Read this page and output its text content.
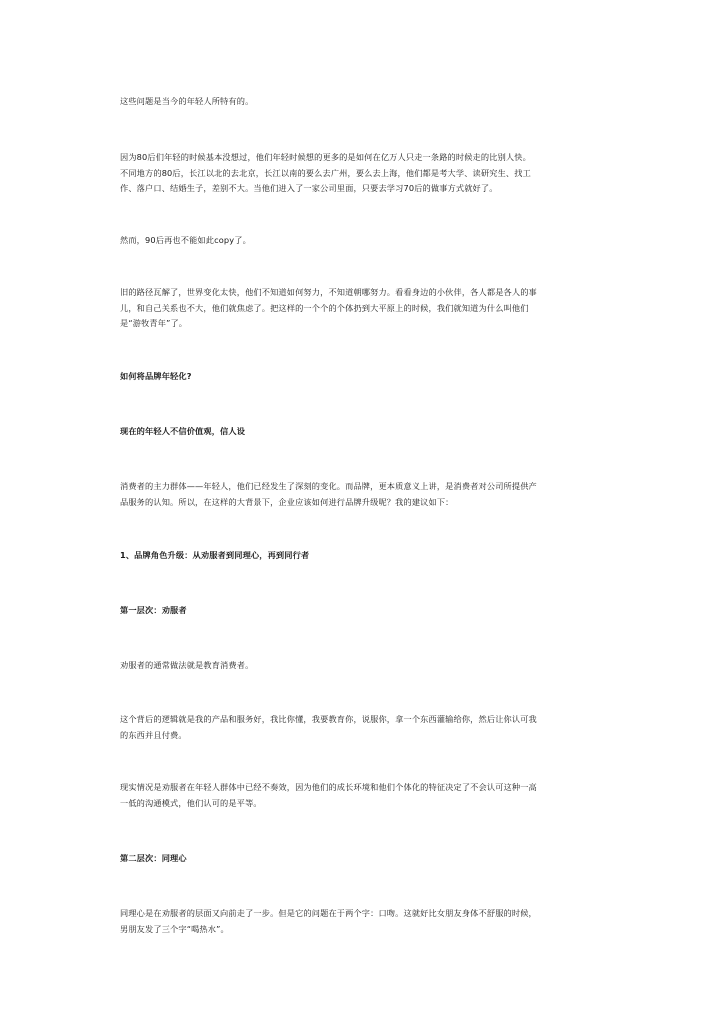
这些问题是当今的年轻人所特有的。

因为80后们年轻的时候基本没想过，他们年轻时候想的更多的是如何在亿万人只走一条路的时候走的比别人快。
不同地方的80后，长江以北的去北京，长江以南的要么去广州，要么去上海，他们都是考大学、读研究生、找工
作、落户口、结婚生子，差别不大。当他们进入了一家公司里面，只要去学习70后的做事方式就好了。

然而，90后再也不能如此copy了。

旧的路径瓦解了，世界变化太快，他们不知道如何努力，不知道朝哪努力。看看身边的小伙伴，各人都是各人的事
儿，和自己关系也不大，他们就焦虑了。把这样的一个个的个体扔到大平原上的时候，我们就知道为什么叫他们
是“游牧青年”了。

如何将品牌年轻化?

现在的年轻人不信价值观，信人设

消费者的主力群体——年轻人，他们已经发生了深刻的变化。而品牌，更本质意义上讲，是消费者对公司所提供产
品服务的认知。所以，在这样的大背景下，企业应该如何进行品牌升级呢？我的建议如下：

1、品牌角色升级：从劝服者到同理心，再到同行者

第一层次：劝服者

劝服者的通常做法就是教育消费者。

这个背后的逻辑就是我的产品和服务好，我比你懂，我要教育你，说服你，拿一个东西灌输给你，然后让你认可我
的东西并且付费。

现实情况是劝服者在年轻人群体中已经不奏效，因为他们的成长环境和他们个体化的特征决定了不会认可这种一高
一低的沟通模式，他们认可的是平等。

第二层次：同理心

同理心是在劝服者的层面又向前走了一步。但是它的问题在于两个字：口吻。这就好比女朋友身体不舒服的时候，
男朋友发了三个字“喝热水”。
